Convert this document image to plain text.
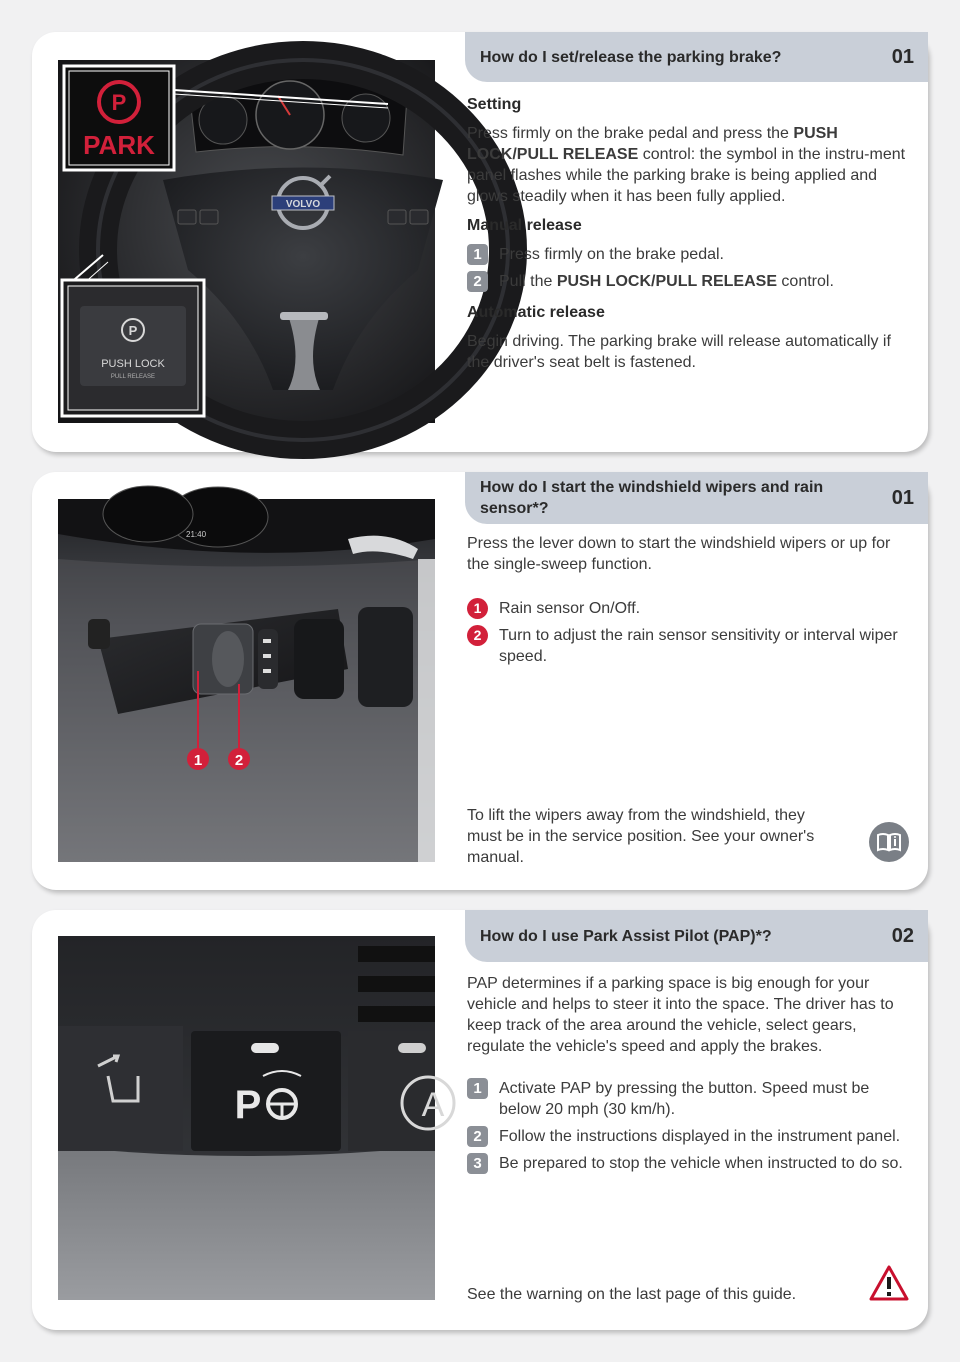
VOLVO
P
PARK
P
PUSH LOCK
PULL RELEASE
How do I set/release the parking brake?	01
Setting
Press firmly on the brake pedal and press the PUSH LOCK/PULL RELEASE control: the symbol in the instru-ment panel flashes while the parking brake is being applied and glows steadily when it has been fully applied.
Manual release
1	Press firmly on the brake pedal.
2	Pull the PUSH LOCK/PULL RELEASE control.
Automatic release
Begin driving. The parking brake will release automatically if the driver's seat belt is fastened.
21:40
1 2
How do I start the windshield wipers and rain sensor*?	01
Press the lever down to start the windshield wipers or up for the single-sweep function.
1	Rain sensor On/Off.
2	Turn to adjust the rain sensor sensitivity or interval wiper speed.
To lift the wipers away from the windshield, they must be in the service position. See your owner's manual.
P	A
How do I use Park Assist Pilot (PAP)*?	02
PAP determines if a parking space is big enough for your vehicle and helps to steer it into the space. The driver has to keep track of the area around the vehicle, select gears, regulate the vehicle's speed and apply the brakes.
1	Activate PAP by pressing the button. Speed must be below 20 mph (30 km/h).
2	Follow the instructions displayed in the instrument panel.
3	Be prepared to stop the vehicle when instructed to do so.
See the warning on the last page of this guide.
